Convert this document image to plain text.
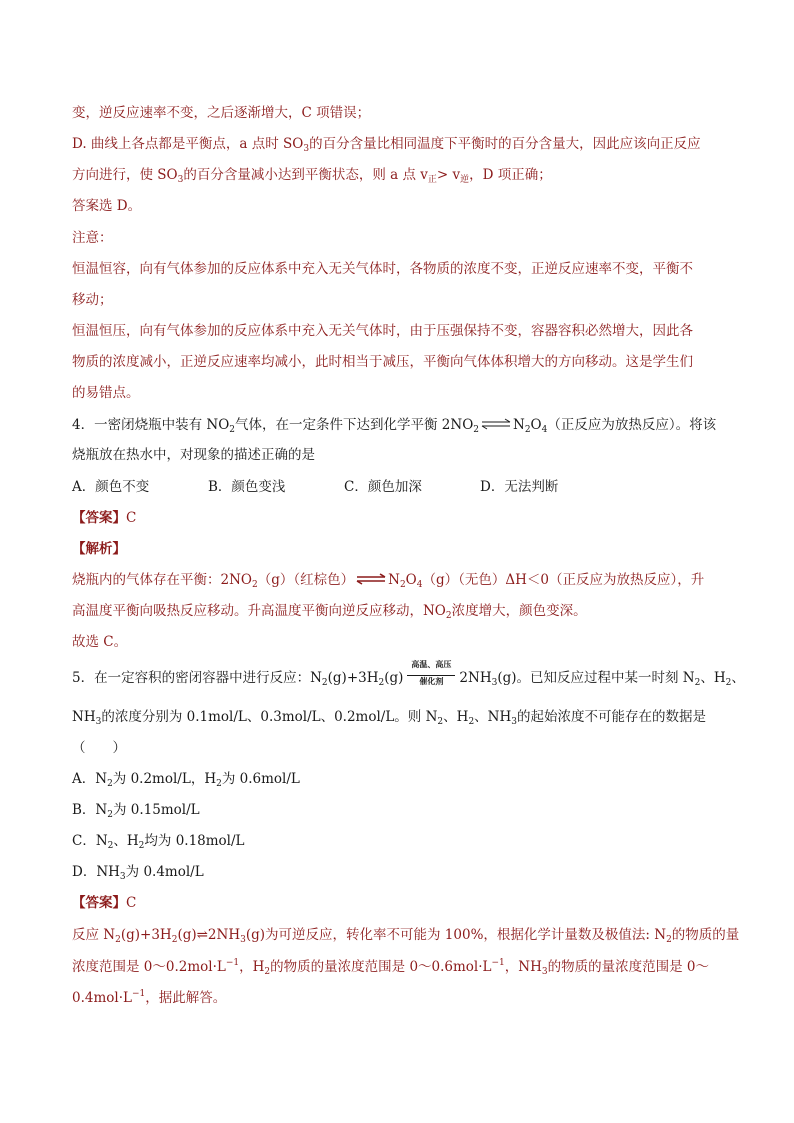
变，逆反应速率不变，之后逐渐增大，C 项错误；
D. 曲线上各点都是平衡点，a 点时 $SO_3$的百分含量比相同温度下平衡时的百分含量大，因此应该向正反应
方向进行，使 $SO_3$的百分含量减小达到平衡状态，则 a 点 $v_正> v_逆$，D 项正确；
答案选 D。
注意：
恒温恒容，向有气体参加的反应体系中充入无关气体时，各物质的浓度不变，正逆反应速率不变，平衡不
移动；
恒温恒压，向有气体参加的反应体系中充入无关气体时，由于压强保持不变，容器容积必然增大，因此各
物质的浓度减小，正逆反应速率均减小，此时相当于减压，平衡向气体体积增大的方向移动。这是学生们
的易错点。
4．一密闭烧瓶中装有 $NO_2$气体，在一定条件下达到化学平衡 $2NO_2$ ⇌ $N_2O_4$（正反应为放热反应）。将该
烧瓶放在热水中，对现象的描述正确的是
A．颜色不变	B．颜色变浅	C．颜色加深	D．无法判断
【答案】C
【解析】
烧瓶内的气体存在平衡：$2NO_2(g)$（红棕色） ⇌ $N_2O_4(g)$（无色）ΔH＜0（正反应为放热反应），升
高温度平衡向吸热反应移动。升高温度平衡向逆反应移动，$NO_2$浓度增大，颜色变深。
故选 C。
5．在一定容积的密闭容器中进行反应：$N_2(g)+3H_2(g)$
高温、高压
催化剂	$2NH_3(g)$。已知反应过程中某一时刻 $N_2$、$H_2$、
$NH_3$的浓度分别为 0.1mol/L、0.3mol/L、0.2mol/L。则 $N_2$、$H_2$、$NH_3$的起始浓度不可能存在的数据是
（　　）
A．$N_2$为 0.2mol/L，$H_2$为 0.6mol/L
B．$N_2$为 0.15mol/L
C．$N_2$、$H_2$均为 0.18mol/L
D．$NH_3$为 0.4mol/L
【答案】C
反应 $N_2(g)+3H_2(g)\rightleftharpoons 2NH_3(g)$为可逆反应，转化率不可能为 100%，根据化学计量数及极值法: $N_2$的物质的量
浓度范围是 $0\sim 0.2mol\cdot L^{-1}$，$H_2$的物质的量浓度范围是 $0\sim 0.6mol\cdot L^{-1}$，$NH_3$的物质的量浓度范围是 0～
$0.4mol\cdot L^{-1}$，据此解答。
